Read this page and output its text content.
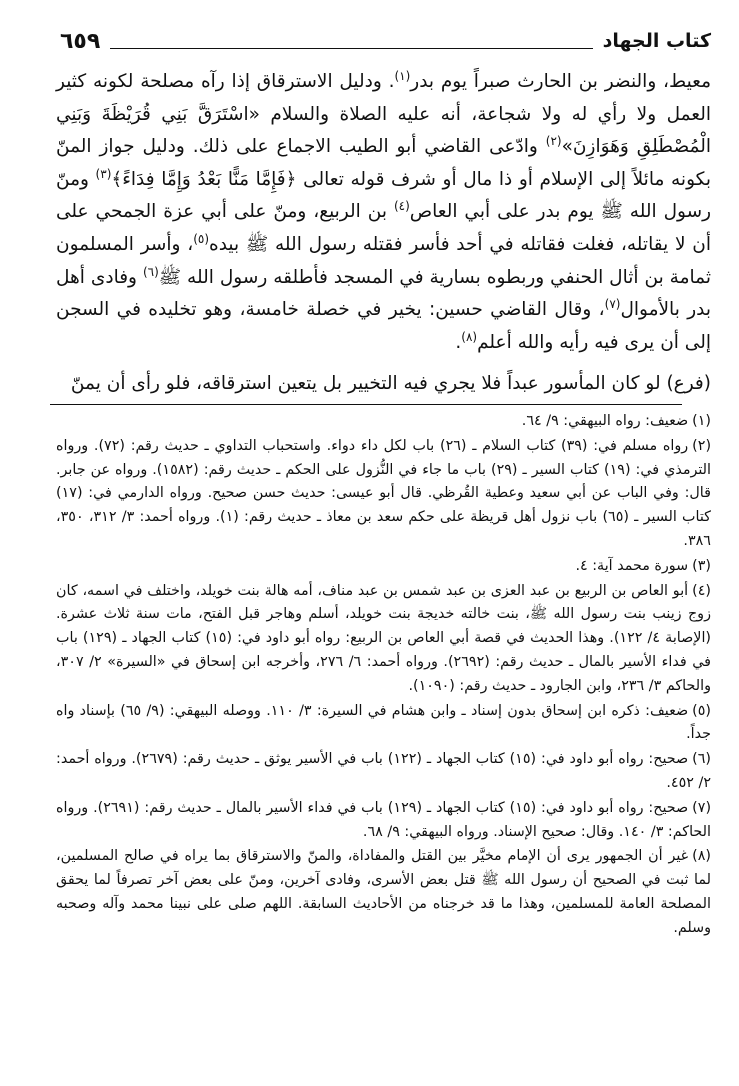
كتاب الجهاد
٦٥٩

معيط، والنضر بن الحارث صبراً يوم بدر$^{(١)}$. ودليل الاسترقاق إذا رآه مصلحة لكونه كثير العمل ولا رأي له ولا شجاعة، أنه عليه الصلاة والسلام «اسْتَرَقَّ بَنِي قُرَيْظَةَ وَبَنِي الْمُصْطَلِقِ وَهَوَازِنَ»$^{(٢)}$ وادّعى القاضي أبو الطيب الاجماع على ذلك. ودليل جواز المنّ بكونه مائلاً إلى الإسلام أو ذا مال أو شرف قوله تعالى ﴿فَإِمَّا مَنًّا بَعْدُ وَإِمَّا فِدَاءً﴾$^{(٣)}$ ومنّ رسول الله ﷺ يوم بدر على أبي العاص$^{(٤)}$ بن الربيع، ومنّ على أبي عزة الجمحي على أن لا يقاتله، فغلت فقاتله في أحد فأسر فقتله رسول الله ﷺ بيده$^{(٥)}$، وأسر المسلمون ثمامة بن أثال الحنفي وربطوه بسارية في المسجد فأطلقه رسول الله ﷺ$^{(٦)}$ وفادى أهل بدر بالأموال$^{(٧)}$، وقال القاضي حسين: يخير في خصلة خامسة، وهو تخليده في السجن إلى أن يرى فيه رأيه والله أعلم$^{(٨)}$.

(فرع) لو كان المأسور عبداً فلا يجري فيه التخيير بل يتعين استرقاقه، فلو رأى أن يمنّ

(١)ضعيف: رواه البيهقي: ٩/ ٦٤.

(٢)رواه مسلم في: (٣٩) كتاب السلام ـ (٢٦) باب لكل داء دواء. واستحباب التداوي ـ حديث رقم: (٧٢). ورواه الترمذي في: (١٩) كتاب السير ـ (٢٩) باب ما جاء في النُّزول على الحكم ـ حديث رقم: (١٥٨٢). ورواه عن جابر. قال: وفي الباب عن أبي سعيد وعطية القُرظي. قال أبو عيسى: حديث حسن صحيح. ورواه الدارمي في: (١٧) كتاب السير ـ (٦٥) باب نزول أهل قريظة على حكم سعد بن معاذ ـ حديث رقم: (١). ورواه أحمد: ٣/ ٣١٢، ٣٥٠، ٣٨٦.

(٣)سورة محمد آية: ٤.

(٤)أبو العاص بن الربيع بن عبد العزى بن عبد شمس بن عبد مناف، أمه هالة بنت خويلد، واختلف في اسمه، كان زوج زينب بنت رسول الله ﷺ، بنت خالته خديجة بنت خويلد، أسلم وهاجر قبل الفتح، مات سنة ثلاث عشرة. (الإصابة ٤/ ١٢٢). وهذا الحديث في قصة أبي العاص بن الربيع: رواه أبو داود في: (١٥) كتاب الجهاد ـ (١٢٩) باب في فداء الأسير بالمال ـ حديث رقم: (٢٦٩٢). ورواه أحمد: ٦/ ٢٧٦، وأخرجه ابن إسحاق في «السيرة» ٢/ ٣٠٧، والحاكم ٣/ ٢٣٦، وابن الجارود ـ حديث رقم: (١٠٩٠).

(٥)ضعيف: ذكره ابن إسحاق بدون إسناد ـ وابن هشام في السيرة: ٣/ ١١٠. ووصله البيهقي: (٩/ ٦٥) بإسناد واه جداً.

(٦)صحيح: رواه أبو داود في: (١٥) كتاب الجهاد ـ (١٢٢) باب في الأسير يوثق ـ حديث رقم: (٢٦٧٩). ورواه أحمد: ٢/ ٤٥٢.

(٧)صحيح: رواه أبو داود في: (١٥) كتاب الجهاد ـ (١٢٩) باب في فداء الأسير بالمال ـ حديث رقم: (٢٦٩١). ورواه الحاكم: ٣/ ١٤٠. وقال: صحيح الإسناد. ورواه البيهقي: ٩/ ٦٨.

(٨)غير أن الجمهور يرى أن الإمام مخيَّر بين القتل والمفاداة، والمنّ والاسترقاق بما يراه في صالح المسلمين، لما ثبت في الصحيح أن رسول الله ﷺ قتل بعض الأسرى، وفادى آخرين، ومنّ على بعض آخر تصرفاً لما يحقق المصلحة العامة للمسلمين، وهذا ما قد خرجناه من الأحاديث السابقة. اللهم صلى على نبينا محمد وآله وصحبه وسلم.
